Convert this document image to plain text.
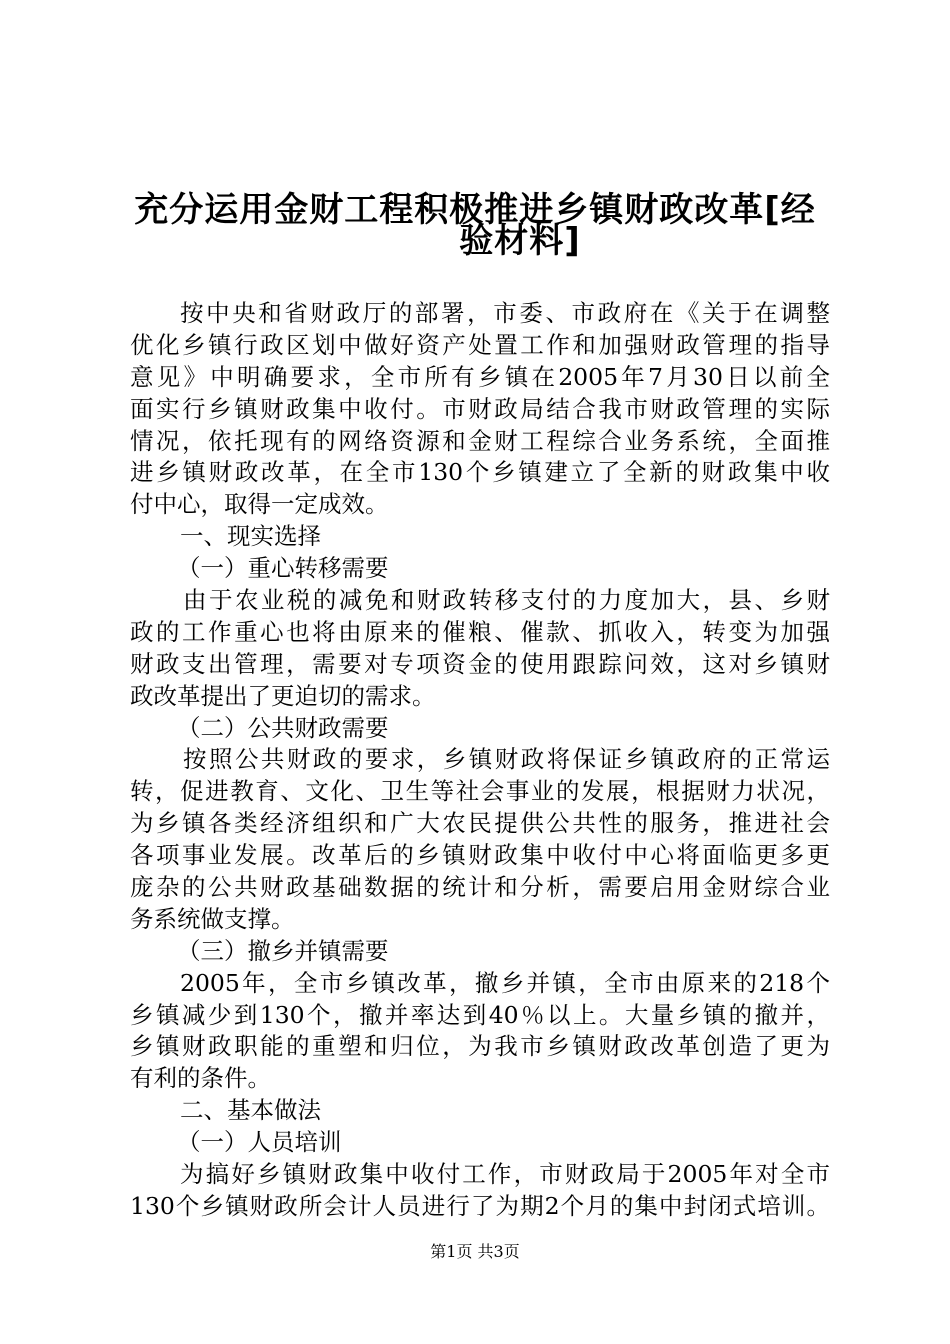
充分运用金财工程积极推进乡镇财政改革[经
验材料]
按中央和省财政厅的部署，市委、市政府在《关于在调整
优化乡镇行政区划中做好资产处置工作和加强财政管理的指导
意见》中明确要求，全市所有乡镇在2005年7月30日以前全
面实行乡镇财政集中收付。市财政局结合我市财政管理的实际
情况，依托现有的网络资源和金财工程综合业务系统，全面推
进乡镇财政改革，在全市130个乡镇建立了全新的财政集中收
付中心，取得一定成效。
一、现实选择
（一）重心转移需要
由于农业税的减免和财政转移支付的力度加大，县、乡财
政的工作重心也将由原来的催粮、催款、抓收入，转变为加强
财政支出管理，需要对专项资金的使用跟踪问效，这对乡镇财
政改革提出了更迫切的需求。
（二）公共财政需要
按照公共财政的要求，乡镇财政将保证乡镇政府的正常运
转，促进教育、文化、卫生等社会事业的发展，根据财力状况，
为乡镇各类经济组织和广大农民提供公共性的服务，推进社会
各项事业发展。改革后的乡镇财政集中收付中心将面临更多更
庞杂的公共财政基础数据的统计和分析，需要启用金财综合业
务系统做支撑。
（三）撤乡并镇需要
2005年，全市乡镇改革，撤乡并镇，全市由原来的218个
乡镇减少到130个，撤并率达到40％以上。大量乡镇的撤并，
乡镇财政职能的重塑和归位，为我市乡镇财政改革创造了更为
有利的条件。
二、基本做法
（一）人员培训
为搞好乡镇财政集中收付工作，市财政局于2005年对全市
130个乡镇财政所会计人员进行了为期2个月的集中封闭式培训。
第1页 共3页
